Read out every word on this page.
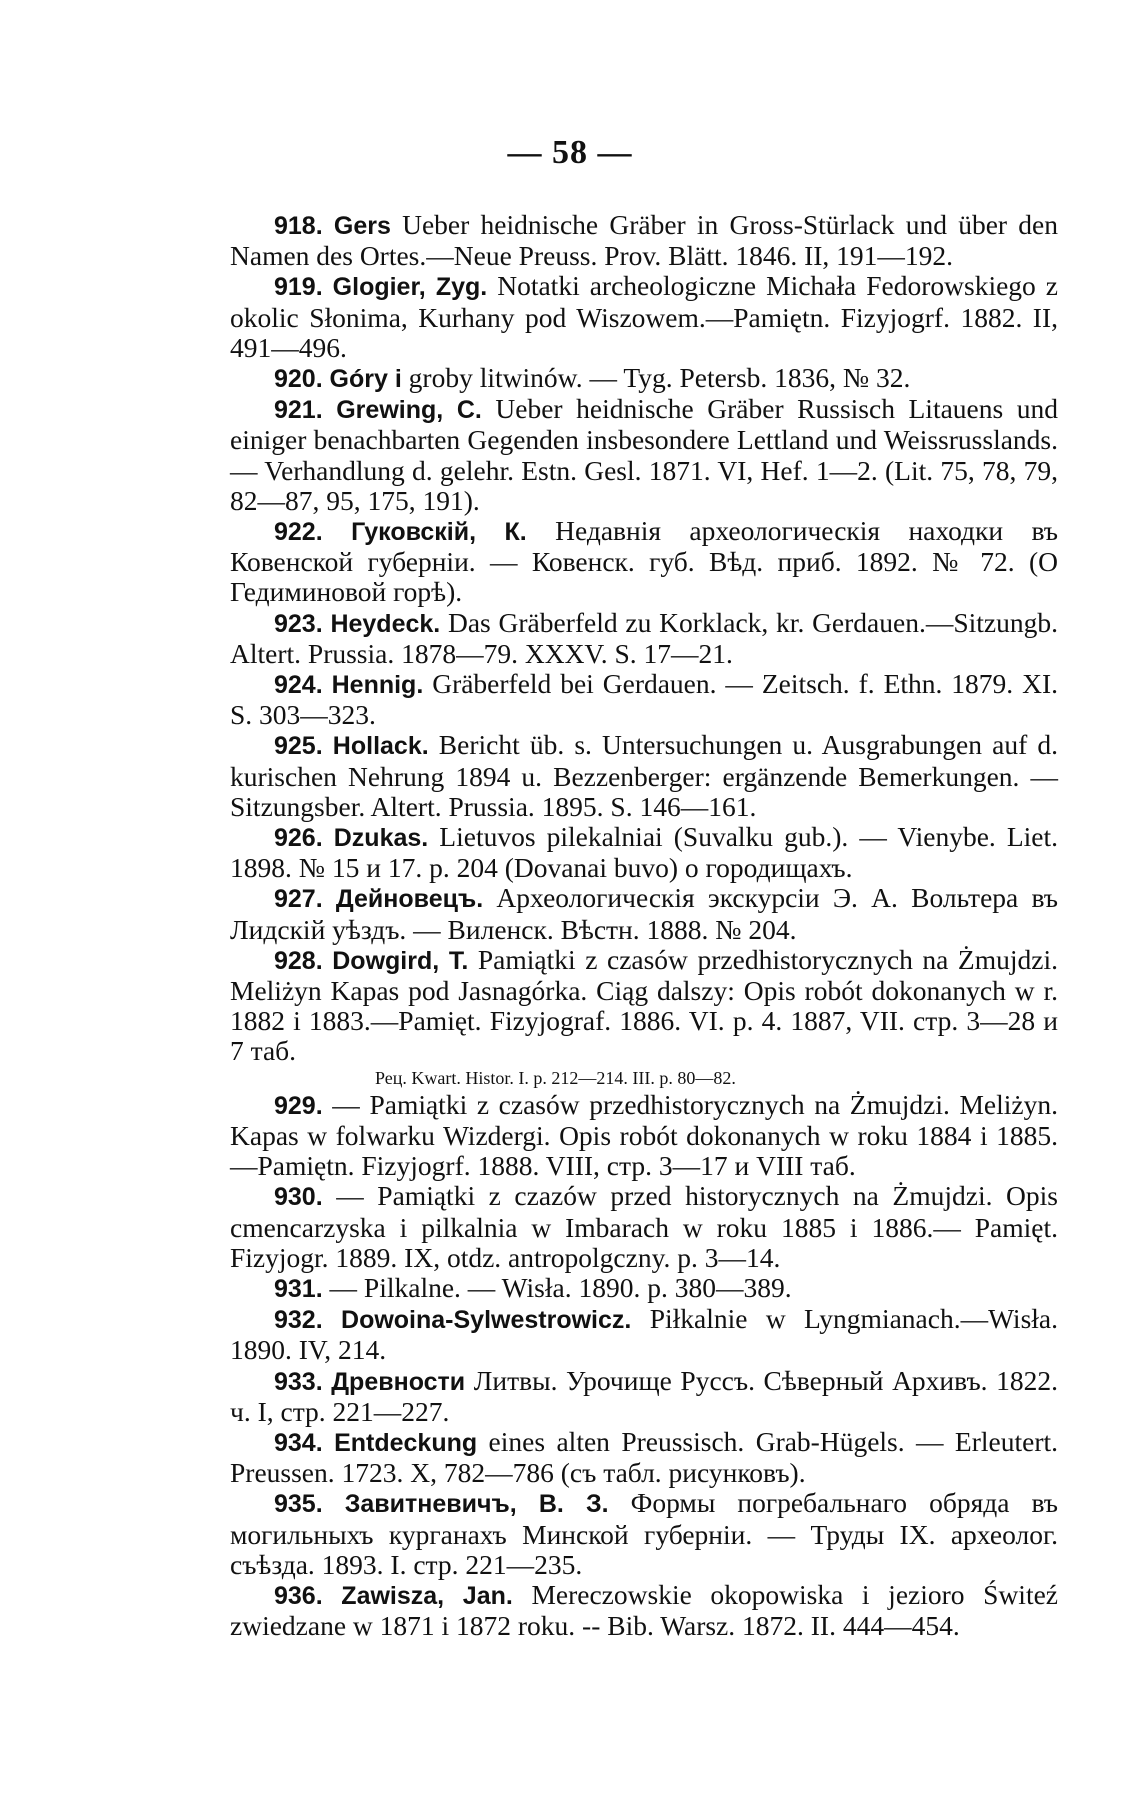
— 58 —

918. Gers Ueber heidnische Gräber in Gross-Stürlack und über den Namen des Ortes.—Neue Preuss. Prov. Blätt. 1846. II, 191—192.

919. Glogier, Zyg. Notatki archeologiczne Michała Fedorowskiego z okolic Słonima, Kurhany pod Wiszowem.—Pamiętn. Fizyjogrf. 1882. II, 491—496.

920. Góry i groby litwinów. — Tyg. Petersb. 1836, № 32.

921. Grewing, C. Ueber heidnische Gräber Russisch Litauens und einiger benachbarten Gegenden insbesondere Lettland und Weissrusslands. — Verhandlung d. gelehr. Estn. Gesl. 1871. VI, Hef. 1—2. (Lit. 75, 78, 79, 82—87, 95, 175, 191).

922. Гуковскій, К. Недавнія археологическія находки въ Ковенской губерніи. — Ковенск. губ. Вѣд. приб. 1892. № 72. (О Гедиминовой горѣ).

923. Heydeck. Das Gräberfeld zu Korklack, kr. Gerdauen.—Sitzungb. Altert. Prussia. 1878—79. XXXV. S. 17—21.

924. Hennig. Gräberfeld bei Gerdauen. — Zeitsch. f. Ethn. 1879. XI. S. 303—323.

925. Hollack. Bericht üb. s. Untersuchungen u. Ausgrabungen auf d. kurischen Nehrung 1894 u. Bezzenberger: ergänzende Bemerkungen. — Sitzungsber. Altert. Prussia. 1895. S. 146—161.

926. Dzukas. Lietuvos pilekalniai (Suvalku gub.). — Vienybe. Liet. 1898. № 15 и 17. p. 204 (Dovanai buvo) о городищахъ.

927. Дейновецъ. Археологическія экскурсіи Э. А. Вольтера въ Лидскій уѣздъ. — Виленск. Вѣстн. 1888. № 204.

928. Dowgird, T. Pamiątki z czasów przedhistorycznych na Żmujdzi. Meliżyn Kapas pod Jasnagórka. Ciąg dalszy: Opis robót dokonanych w r. 1882 i 1883.—Pamięt. Fizyjograf. 1886. VI. p. 4. 1887, VII. стр. 3—28 и 7 таб.
Рец. Kwart. Histor. I. p. 212—214. III. p. 80—82.

929. — Pamiątki z czasów przedhistorycznych na Żmujdzi. Meliżyn. Kapas w folwarku Wizdergi. Opis robót dokonanych w roku 1884 i 1885.—Pamiętn. Fizyjogrf. 1888. VIII, стр. 3—17 и VIII таб.

930. — Pamiątki z czazów przed historycznych na Żmujdzi. Opis cmencarzyska i pilkalnia w Imbarach w roku 1885 i 1886.— Pamięt. Fizyjogr. 1889. IX, otdz. antropolgczny. p. 3—14.

931. — Pilkalne. — Wisła. 1890. p. 380—389.

932. Dowoina-Sylwestrowicz. Piłkalnie w Lyngmianach.—Wisła. 1890. IV, 214.

933. Древности Литвы. Урочище Руссъ. Сѣверный Архивъ. 1822. ч. I, стр. 221—227.

934. Entdeckung eines alten Preussisch. Grab-Hügels. — Erleutert. Preussen. 1723. X, 782—786 (съ табл. рисунковъ).

935. Завитневичъ, В. З. Формы погребальнаго обряда въ могильныхъ курганахъ Минской губерніи. — Труды IX. археолог. съѣзда. 1893. I. стр. 221—235.

936. Zawisza, Jan. Mereczowskie okopowiska i jezioro Świteź zwiedzane w 1871 i 1872 roku. -- Bib. Warsz. 1872. II. 444—454.
